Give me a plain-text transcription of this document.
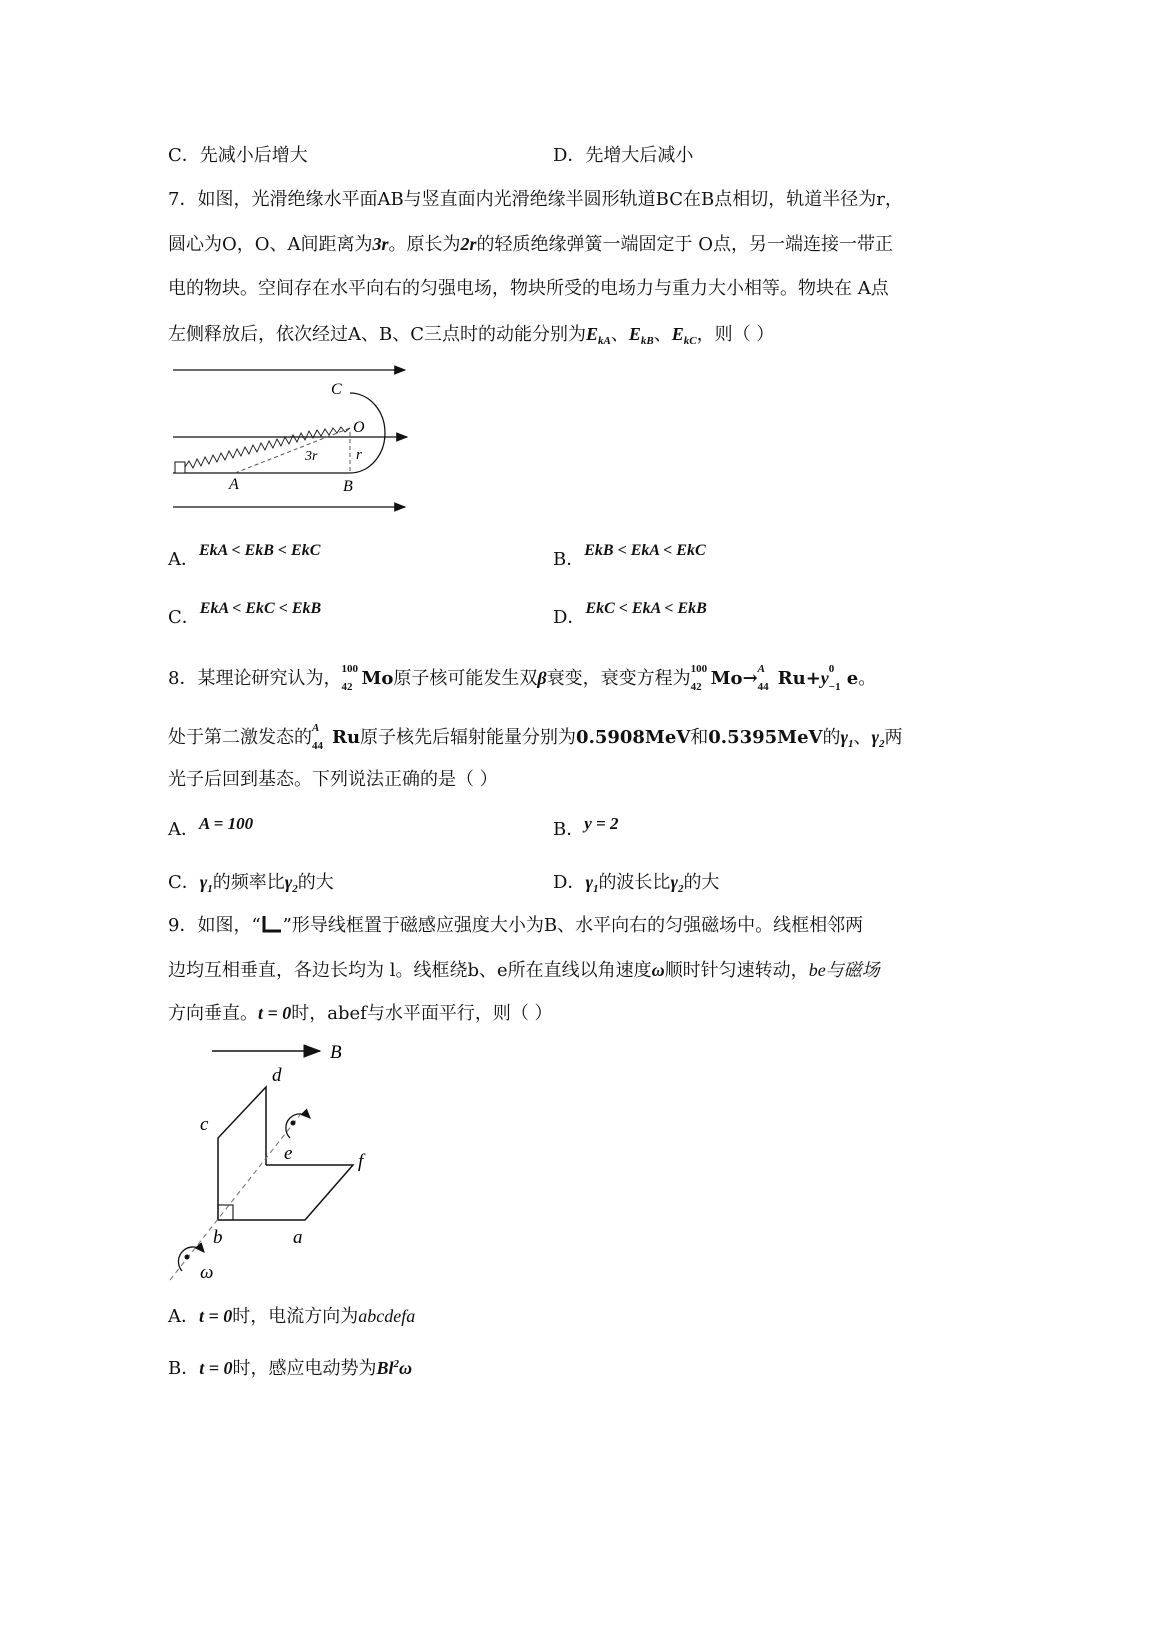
C．先减小后增大	D．先增大后减小
7．如图，光滑绝缘水平面AB与竖直面内光滑绝缘半圆形轨道BC在B点相切，轨道半径为r，
圆心为O，O、A间距离为3r。原长为2r的轻质绝缘弹簧一端固定于 O点，另一端连接一带正
电的物块。空间存在水平向右的匀强电场，物块所受的电场力与重力大小相等。物块在 A点
左侧释放后，依次经过A、B、C三点时的动能分别为$E_{kA}$、$E_{kB}$、$E_{kC}$，则（ ）
C
O
3r	r
A	B
A．EkA < EkB < EkC	B．EkB < EkA < EkC
C．EkA < EkC < EkB	D．EkC < EkA < EkB
8．某理论研究认为， 100
42 Mo原子核可能发生双β衰变，衰变方程为 100
42 Mo→ A
44 Ru+y 0
−1 e。
处于第二激发态的 A
44 Ru原子核先后辐射能量分别为0.5908MeV和0.5395MeV的$\gamma_1$、$\gamma_2$两
光子后回到基态。下列说法正确的是（ ）
A．A = 100	B．y = 2
C．$\gamma_1$的频率比$\gamma_2$的大	D．$\gamma_1$的波长比$\gamma_2$的大
9．如图，“ ”形导线框置于磁感应强度大小为B、水平向右的匀强磁场中。线框相邻两
边均互相垂直，各边长均为 l。线框绕b、e所在直线以角速度ω顺时针匀速转动，be与磁场
方向垂直。t = 0时，abef与水平面平行，则（ ）
B
d
c
e	f
b	a
ω
A．t = 0时，电流方向为abcdefa
B．t = 0时，感应电动势为Bl$^2$ω
